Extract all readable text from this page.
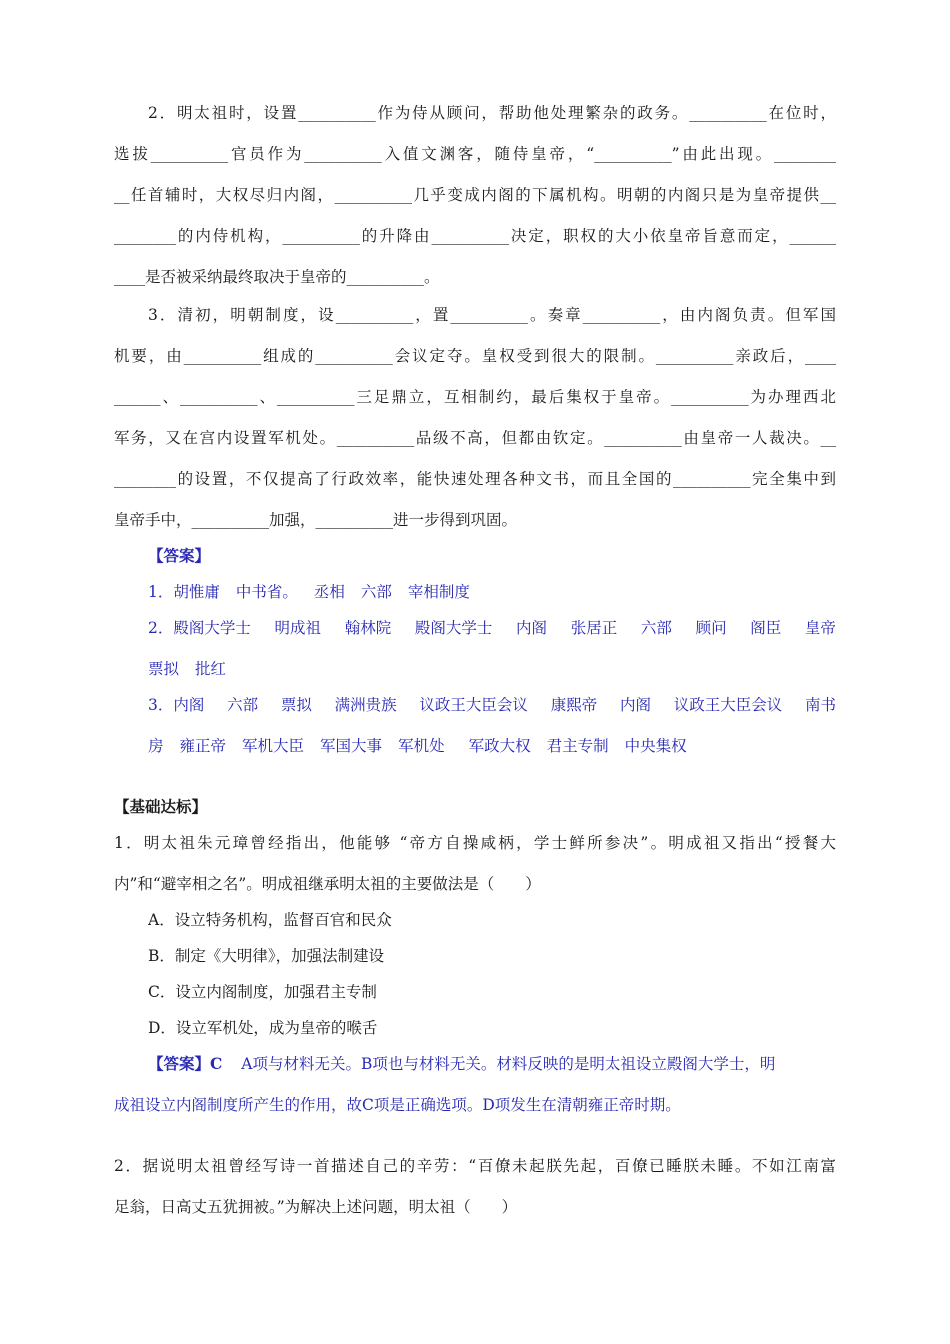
2．明太祖时，设置__________作为侍从顾问，帮助他处理繁杂的政务。__________在位时，
选拔__________官员作为__________入值文渊客，随侍皇帝，“__________”由此出现。________
__任首辅时，大权尽归内阁，__________几乎变成内阁的下属机构。明朝的内阁只是为皇帝提供__
________的内侍机构，__________的升降由__________决定，职权的大小依皇帝旨意而定，______
____是否被采纳最终取决于皇帝的__________。
3．清初，明朝制度，设__________，置__________。奏章__________，由内阁负责。但军国
机要，由__________组成的__________会议定夺。皇权受到很大的限制。__________亲政后，____
______、__________、__________三足鼎立，互相制约，最后集权于皇帝。__________为办理西北
军务，又在宫内设置军机处。__________品级不高，但都由钦定。__________由皇帝一人裁决。__
________的设置，不仅提高了行政效率，能快速处理各种文书，而且全国的__________完全集中到
皇帝手中，__________加强，__________进一步得到巩固。
【答案】
1．胡惟庸 中书省。 丞相 六部 宰相制度
2．殿阁大学士 明成祖 翰林院 殿阁大学士 内阁 张居正 六部 顾问 阁臣 皇帝
票拟 批红
3．内阁 六部 票拟 满洲贵族 议政王大臣会议 康熙帝 内阁 议政王大臣会议 南书
房 雍正帝 军机大臣 军国大事 军机处 军政大权 君主专制 中央集权
【基础达标】
1．明太祖朱元璋曾经指出，他能够 “帝方自操咸柄，学士鲜所参决”。明成祖又指出“授餐大
内”和“避宰相之名”。明成祖继承明太祖的主要做法是（　　）
A．设立特务机构，监督百官和民众
B．制定《大明律》，加强法制建设
C．设立内阁制度，加强君主专制
D．设立军机处，成为皇帝的喉舌
【答案】C A项与材料无关。B项也与材料无关。材料反映的是明太祖设立殿阁大学士，明
成祖设立内阁制度所产生的作用，故C项是正确选项。D项发生在清朝雍正帝时期。
2．据说明太祖曾经写诗一首描述自己的辛劳：“百僚未起朕先起，百僚已睡朕未睡。不如江南富
足翁，日高丈五犹拥被。”为解决上述问题，明太祖（　　）
